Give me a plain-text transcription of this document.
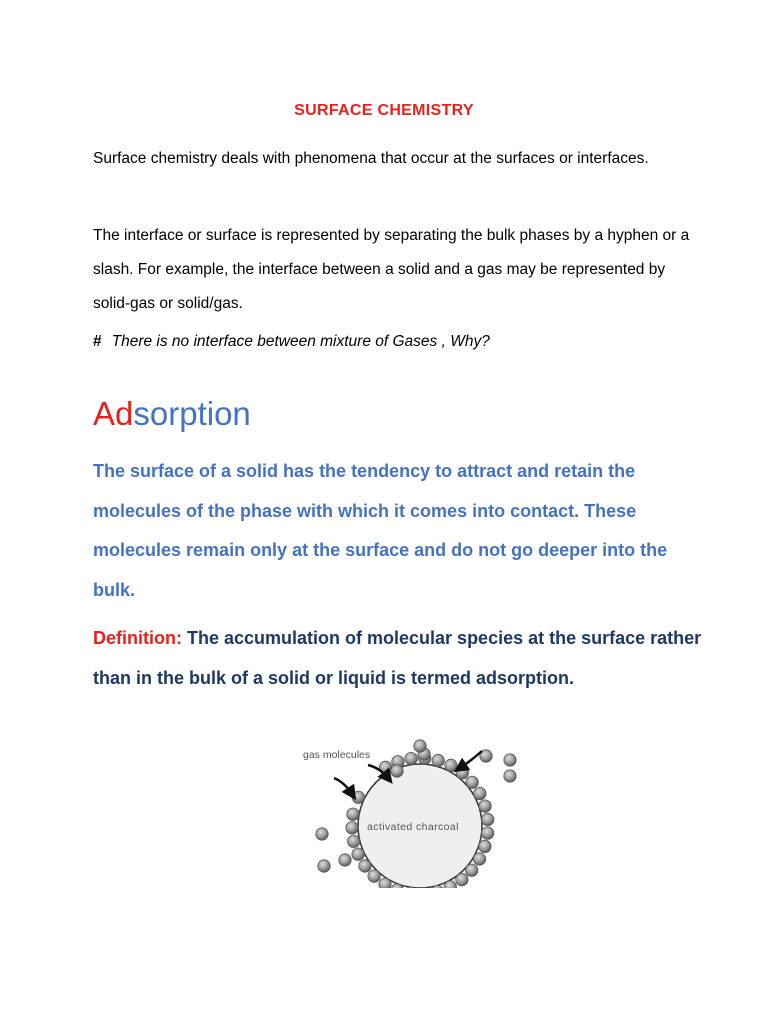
SURFACE CHEMISTRY

Surface chemistry deals with phenomena that occur at the surfaces or interfaces.

The interface or surface is represented by separating the bulk phases by a hyphen or a slash. For example, the interface between a solid and a gas may be represented by solid-gas or solid/gas.

# There is no interface between mixture of Gases , Why?
Adsorption

The surface of a solid has the tendency to attract and retain the molecules of the phase with which it comes into contact. These molecules remain only at the surface and do not go deeper into the bulk.

Definition: The accumulation of molecular species at the surface rather than in the bulk of a solid or liquid is termed adsorption.

gas molecules
activated charcoal
